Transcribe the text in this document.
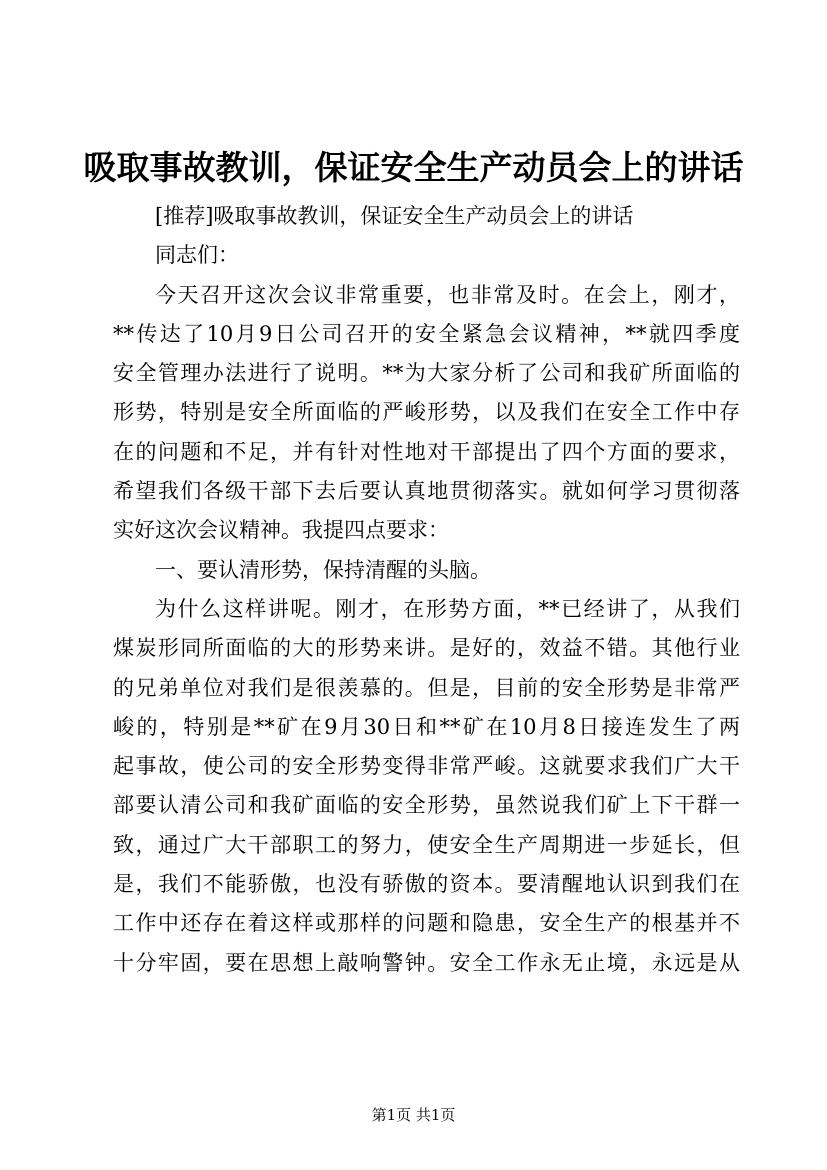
吸取事故教训，保证安全生产动员会上的讲话
[推荐]吸取事故教训，保证安全生产动员会上的讲话
同志们：
今天召开这次会议非常重要，也非常及时。在会上，刚才，
**传达了10月9日公司召开的安全紧急会议精神，**就四季度
安全管理办法进行了说明。**为大家分析了公司和我矿所面临的
形势，特别是安全所面临的严峻形势，以及我们在安全工作中存
在的问题和不足，并有针对性地对干部提出了四个方面的要求，
希望我们各级干部下去后要认真地贯彻落实。就如何学习贯彻落
实好这次会议精神。我提四点要求：
一、要认清形势，保持清醒的头脑。
为什么这样讲呢。刚才，在形势方面，**已经讲了，从我们
煤炭形同所面临的大的形势来讲。是好的，效益不错。其他行业
的兄弟单位对我们是很羡慕的。但是，目前的安全形势是非常严
峻的，特别是**矿在9月30日和**矿在10月8日接连发生了两
起事故，使公司的安全形势变得非常严峻。这就要求我们广大干
部要认清公司和我矿面临的安全形势，虽然说我们矿上下干群一
致，通过广大干部职工的努力，使安全生产周期进一步延长，但
是，我们不能骄傲，也没有骄傲的资本。要清醒地认识到我们在
工作中还存在着这样或那样的问题和隐患，安全生产的根基并不
十分牢固，要在思想上敲响警钟。安全工作永无止境，永远是从
第1页 共1页
